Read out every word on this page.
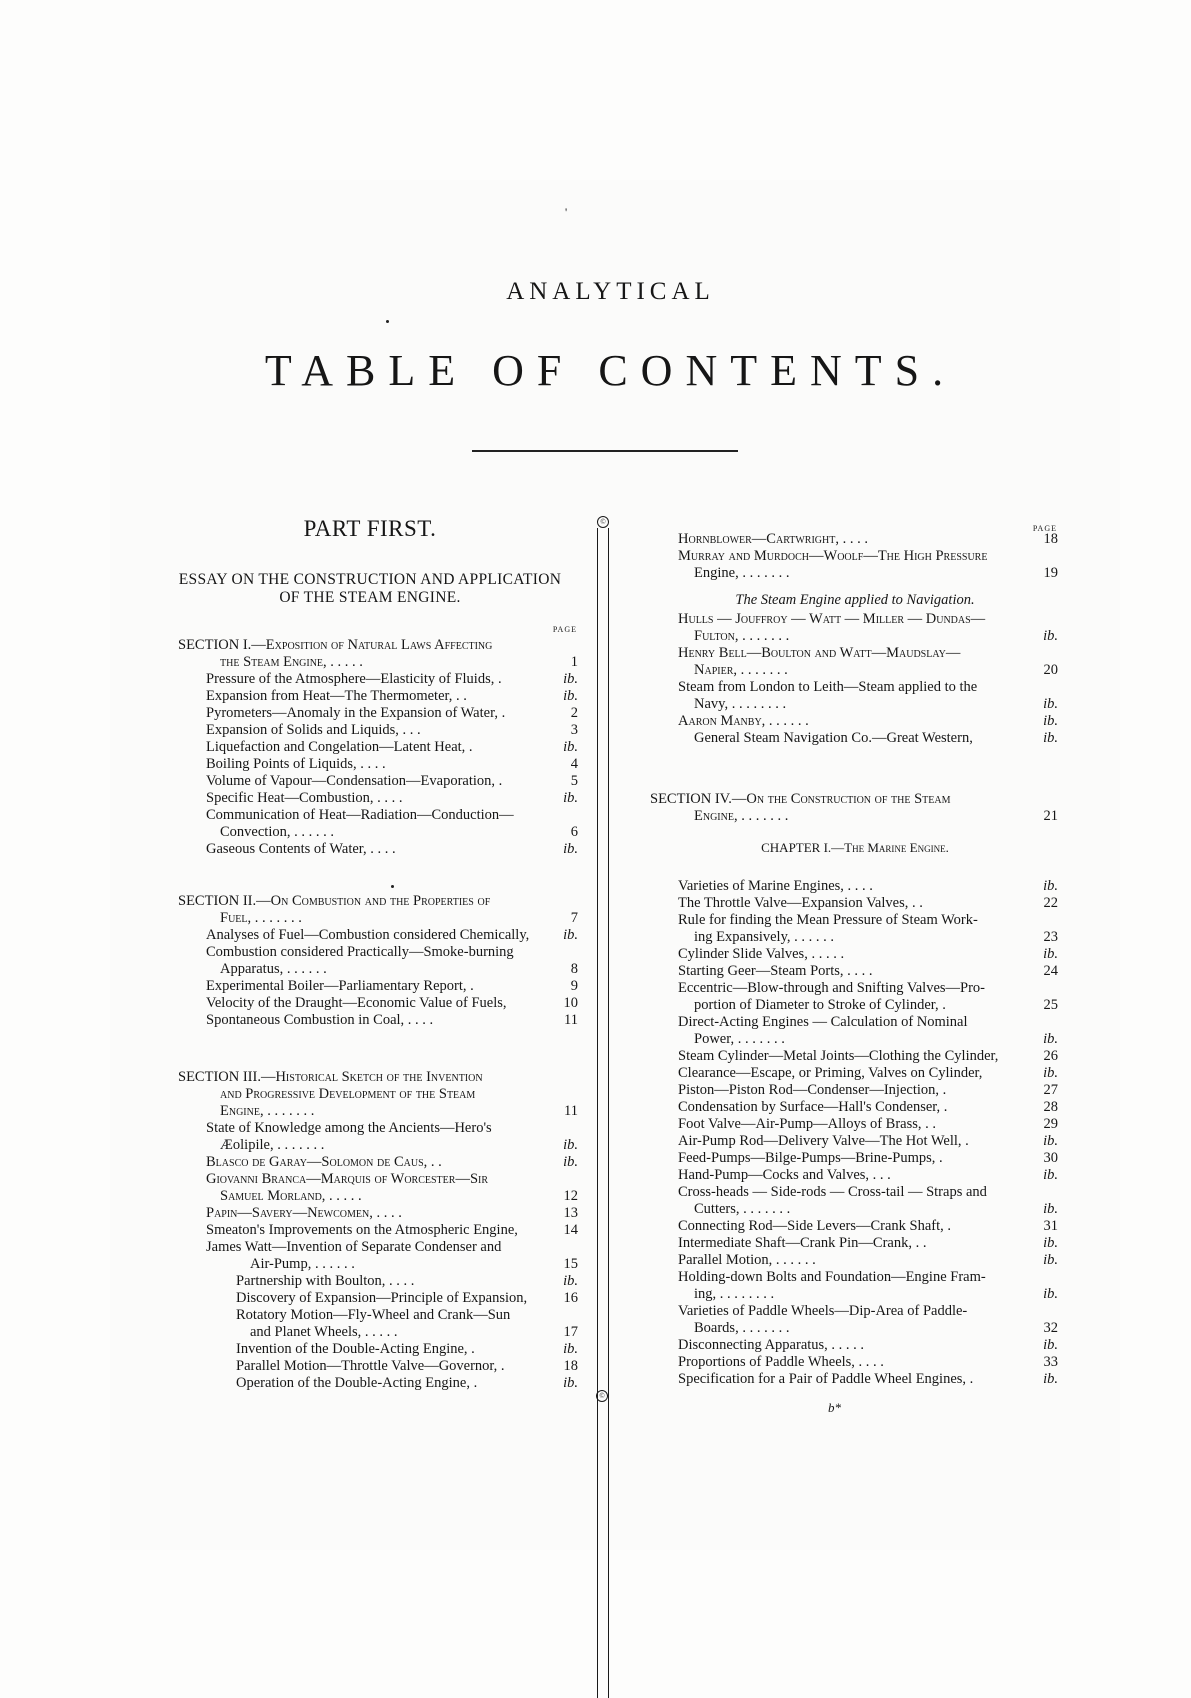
'
ANALYTICAL
TABLE OF CONTENTS.
PART FIRST.
ESSAY ON THE CONSTRUCTION AND APPLICATION
OF THE STEAM ENGINE.
PAGE
SECTION I.—Exposition of Natural Laws Affecting
the Steam Engine, . . . . .	1
Pressure of the Atmosphere—Elasticity of Fluids, .	ib.
Expansion from Heat—The Thermometer, . .	ib.
Pyrometers—Anomaly in the Expansion of Water, .	2
Expansion of Solids and Liquids, . . .	3
Liquefaction and Congelation—Latent Heat, .	ib.
Boiling Points of Liquids, . . . .	4
Volume of Vapour—Condensation—Evaporation, .	5
Specific Heat—Combustion, . . . .	ib.
Communication of Heat—Radiation—Conduction—
Convection, . . . . . .	6
Gaseous Contents of Water, . . . .	ib.
SECTION II.—On Combustion and the Properties of
Fuel, . . . . . . .	7
Analyses of Fuel—Combustion considered Chemically,	ib.
Combustion considered Practically—Smoke-burning
Apparatus, . . . . . .	8
Experimental Boiler—Parliamentary Report, .	9
Velocity of the Draught—Economic Value of Fuels,	10
Spontaneous Combustion in Coal, . . . .	11
SECTION III.—Historical Sketch of the Invention
and Progressive Development of the Steam
Engine, . . . . . . .	11
State of Knowledge among the Ancients—Hero's
Æolipile, . . . . . . .	ib.
Blasco de Garay—Solomon de Caus, . .	ib.
Giovanni Branca—Marquis of Worcester—Sir
Samuel Morland, . . . . .	12
Papin—Savery—Newcomen, . . . .	13
Smeaton's Improvements on the Atmospheric Engine,	14
James Watt—Invention of Separate Condenser and
Air-Pump, . . . . . .	15
Partnership with Boulton, . . . .	ib.
Discovery of Expansion—Principle of Expansion,	16
Rotatory Motion—Fly-Wheel and Crank—Sun
and Planet Wheels, . . . . .	17
Invention of the Double-Acting Engine, .	ib.
Parallel Motion—Throttle Valve—Governor, .	18
Operation of the Double-Acting Engine, .	ib.
©
©
PAGE
Hornblower—Cartwright, . . . .	18
Murray and Murdoch—Woolf—The High Pressure
Engine, . . . . . . .	19
The Steam Engine applied to Navigation.
Hulls — Jouffroy — Watt — Miller — Dundas—
Fulton, . . . . . . .	ib.
Henry Bell—Boulton and Watt—Maudslay—
Napier, . . . . . . .	20
Steam from London to Leith—Steam applied to the
Navy, . . . . . . . .	ib.
Aaron Manby, . . . . . .	ib.
General Steam Navigation Co.—Great Western,	ib.
SECTION IV.—On the Construction of the Steam
Engine, . . . . . . .	21
CHAPTER I.—The Marine Engine.
Varieties of Marine Engines, . . . .	ib.
The Throttle Valve—Expansion Valves, . .	22
Rule for finding the Mean Pressure of Steam Work-
ing Expansively, . . . . . .	23
Cylinder Slide Valves, . . . . .	ib.
Starting Geer—Steam Ports, . . . .	24
Eccentric—Blow-through and Snifting Valves—Pro-
portion of Diameter to Stroke of Cylinder, .	25
Direct-Acting Engines — Calculation of Nominal
Power, . . . . . . .	ib.
Steam Cylinder—Metal Joints—Clothing the Cylinder,	26
Clearance—Escape, or Priming, Valves on Cylinder,	ib.
Piston—Piston Rod—Condenser—Injection, .	27
Condensation by Surface—Hall's Condenser, .	28
Foot Valve—Air-Pump—Alloys of Brass, . .	29
Air-Pump Rod—Delivery Valve—The Hot Well, .	ib.
Feed-Pumps—Bilge-Pumps—Brine-Pumps, .	30
Hand-Pump—Cocks and Valves, . . .	ib.
Cross-heads — Side-rods — Cross-tail — Straps and
Cutters, . . . . . . .	ib.
Connecting Rod—Side Levers—Crank Shaft, .	31
Intermediate Shaft—Crank Pin—Crank, . .	ib.
Parallel Motion, . . . . . .	ib.
Holding-down Bolts and Foundation—Engine Fram-
ing, . . . . . . . .	ib.
Varieties of Paddle Wheels—Dip-Area of Paddle-
Boards, . . . . . . .	32
Disconnecting Apparatus, . . . . .	ib.
Proportions of Paddle Wheels, . . . .	33
Specification for a Pair of Paddle Wheel Engines, .	ib.
b*
